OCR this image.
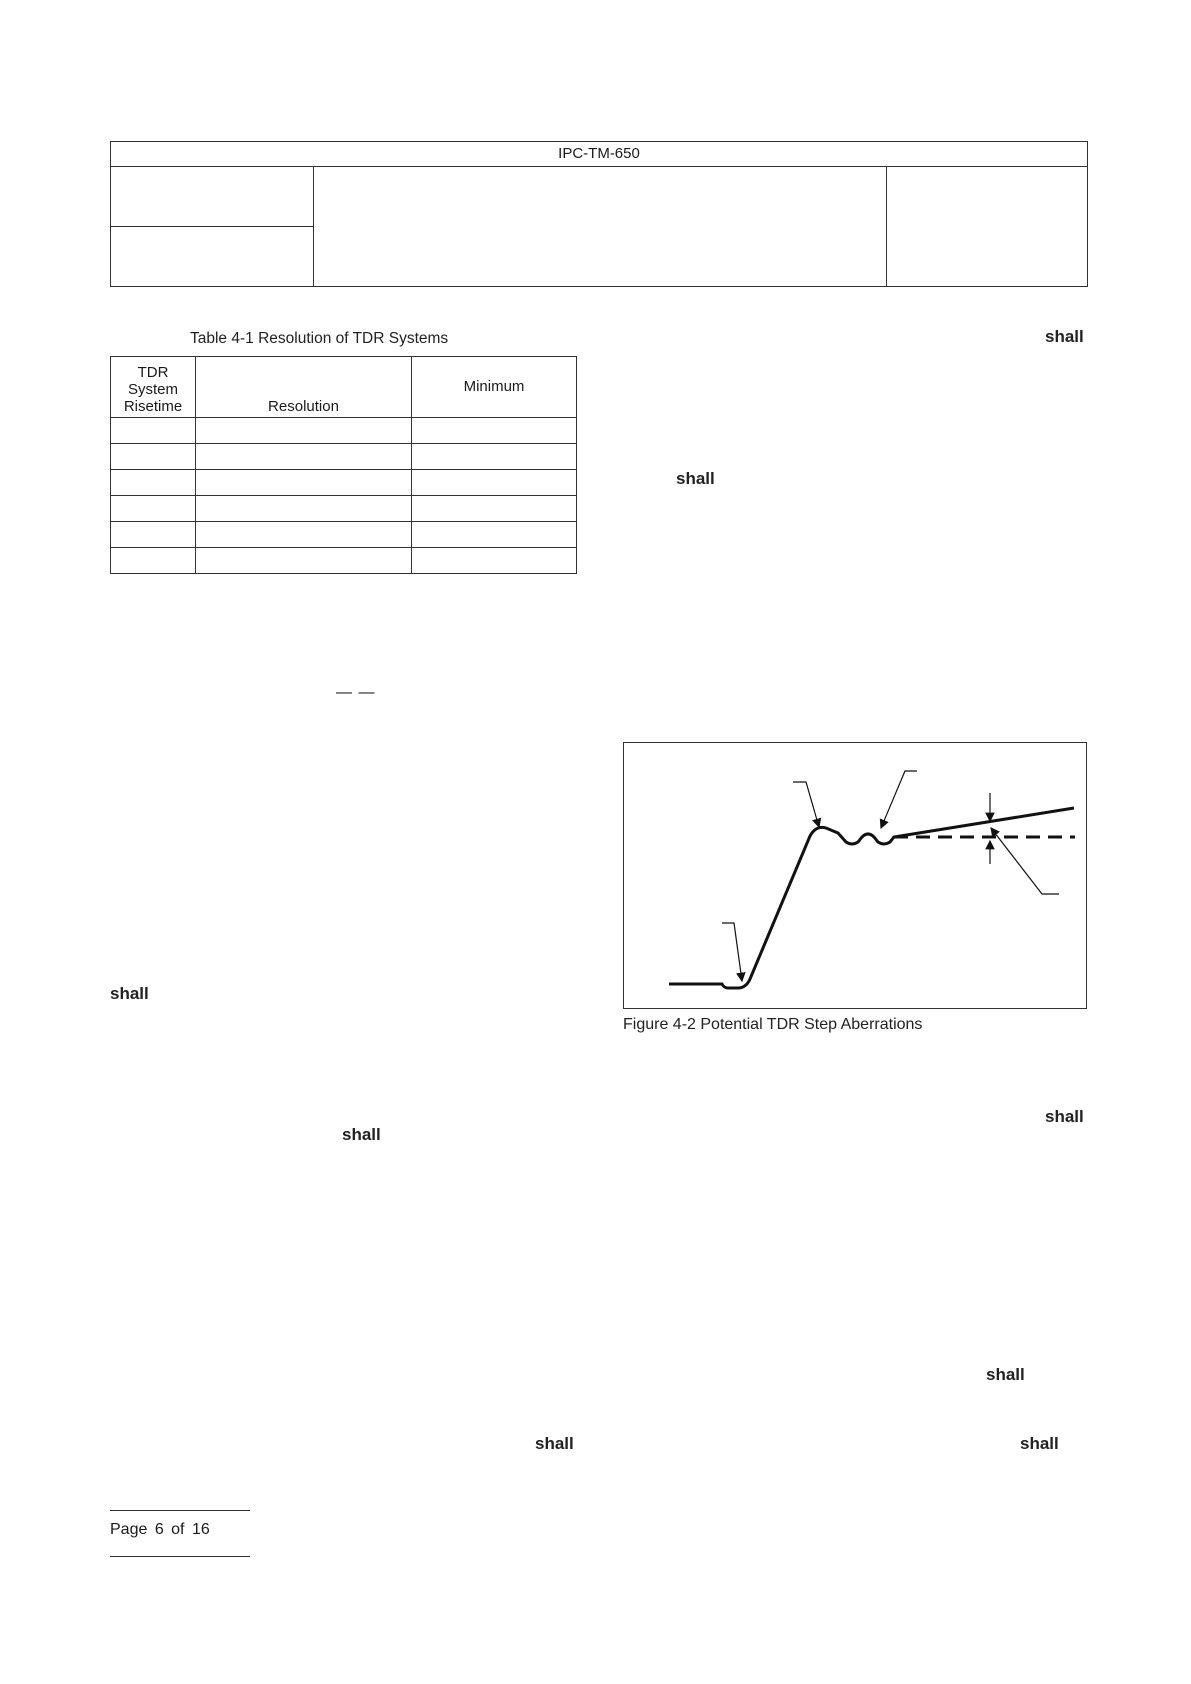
IPC-TM-650
Table 4-1 Resolution of TDR Systems
TDR
System
Risetime	Resolution	Minimum

shall
shall
shall
shall
shall
shall
shall	shall
— —
Figure 4-2 Potential TDR Step Aberrations
Page 6 of 16
